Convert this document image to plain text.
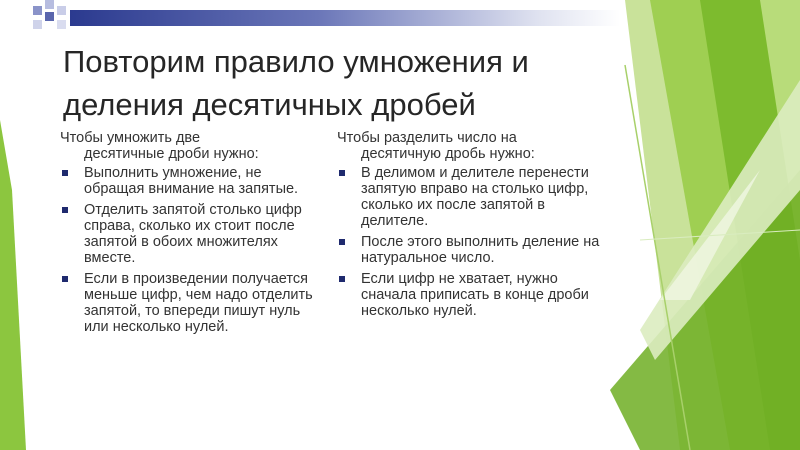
Повторим правило умножения и деления десятичных дробей

Чтобы умножить две
десятичные дроби нужно:

Выполнить умножение, не обращая внимание на запятые.
Отделить запятой столько цифр справа, сколько их стоит после запятой в обоих множителях вместе.
Если в произведении получается меньше цифр, чем надо отделить запятой, то впереди пишут нуль или несколько нулей.

Чтобы разделить число на
десятичную дробь нужно:

В делимом и делителе перенести запятую вправо на столько цифр, сколько их после запятой в делителе.
После этого выполнить деление на натуральное число.
Если цифр не хватает, нужно сначала приписать в конце дроби несколько нулей.
